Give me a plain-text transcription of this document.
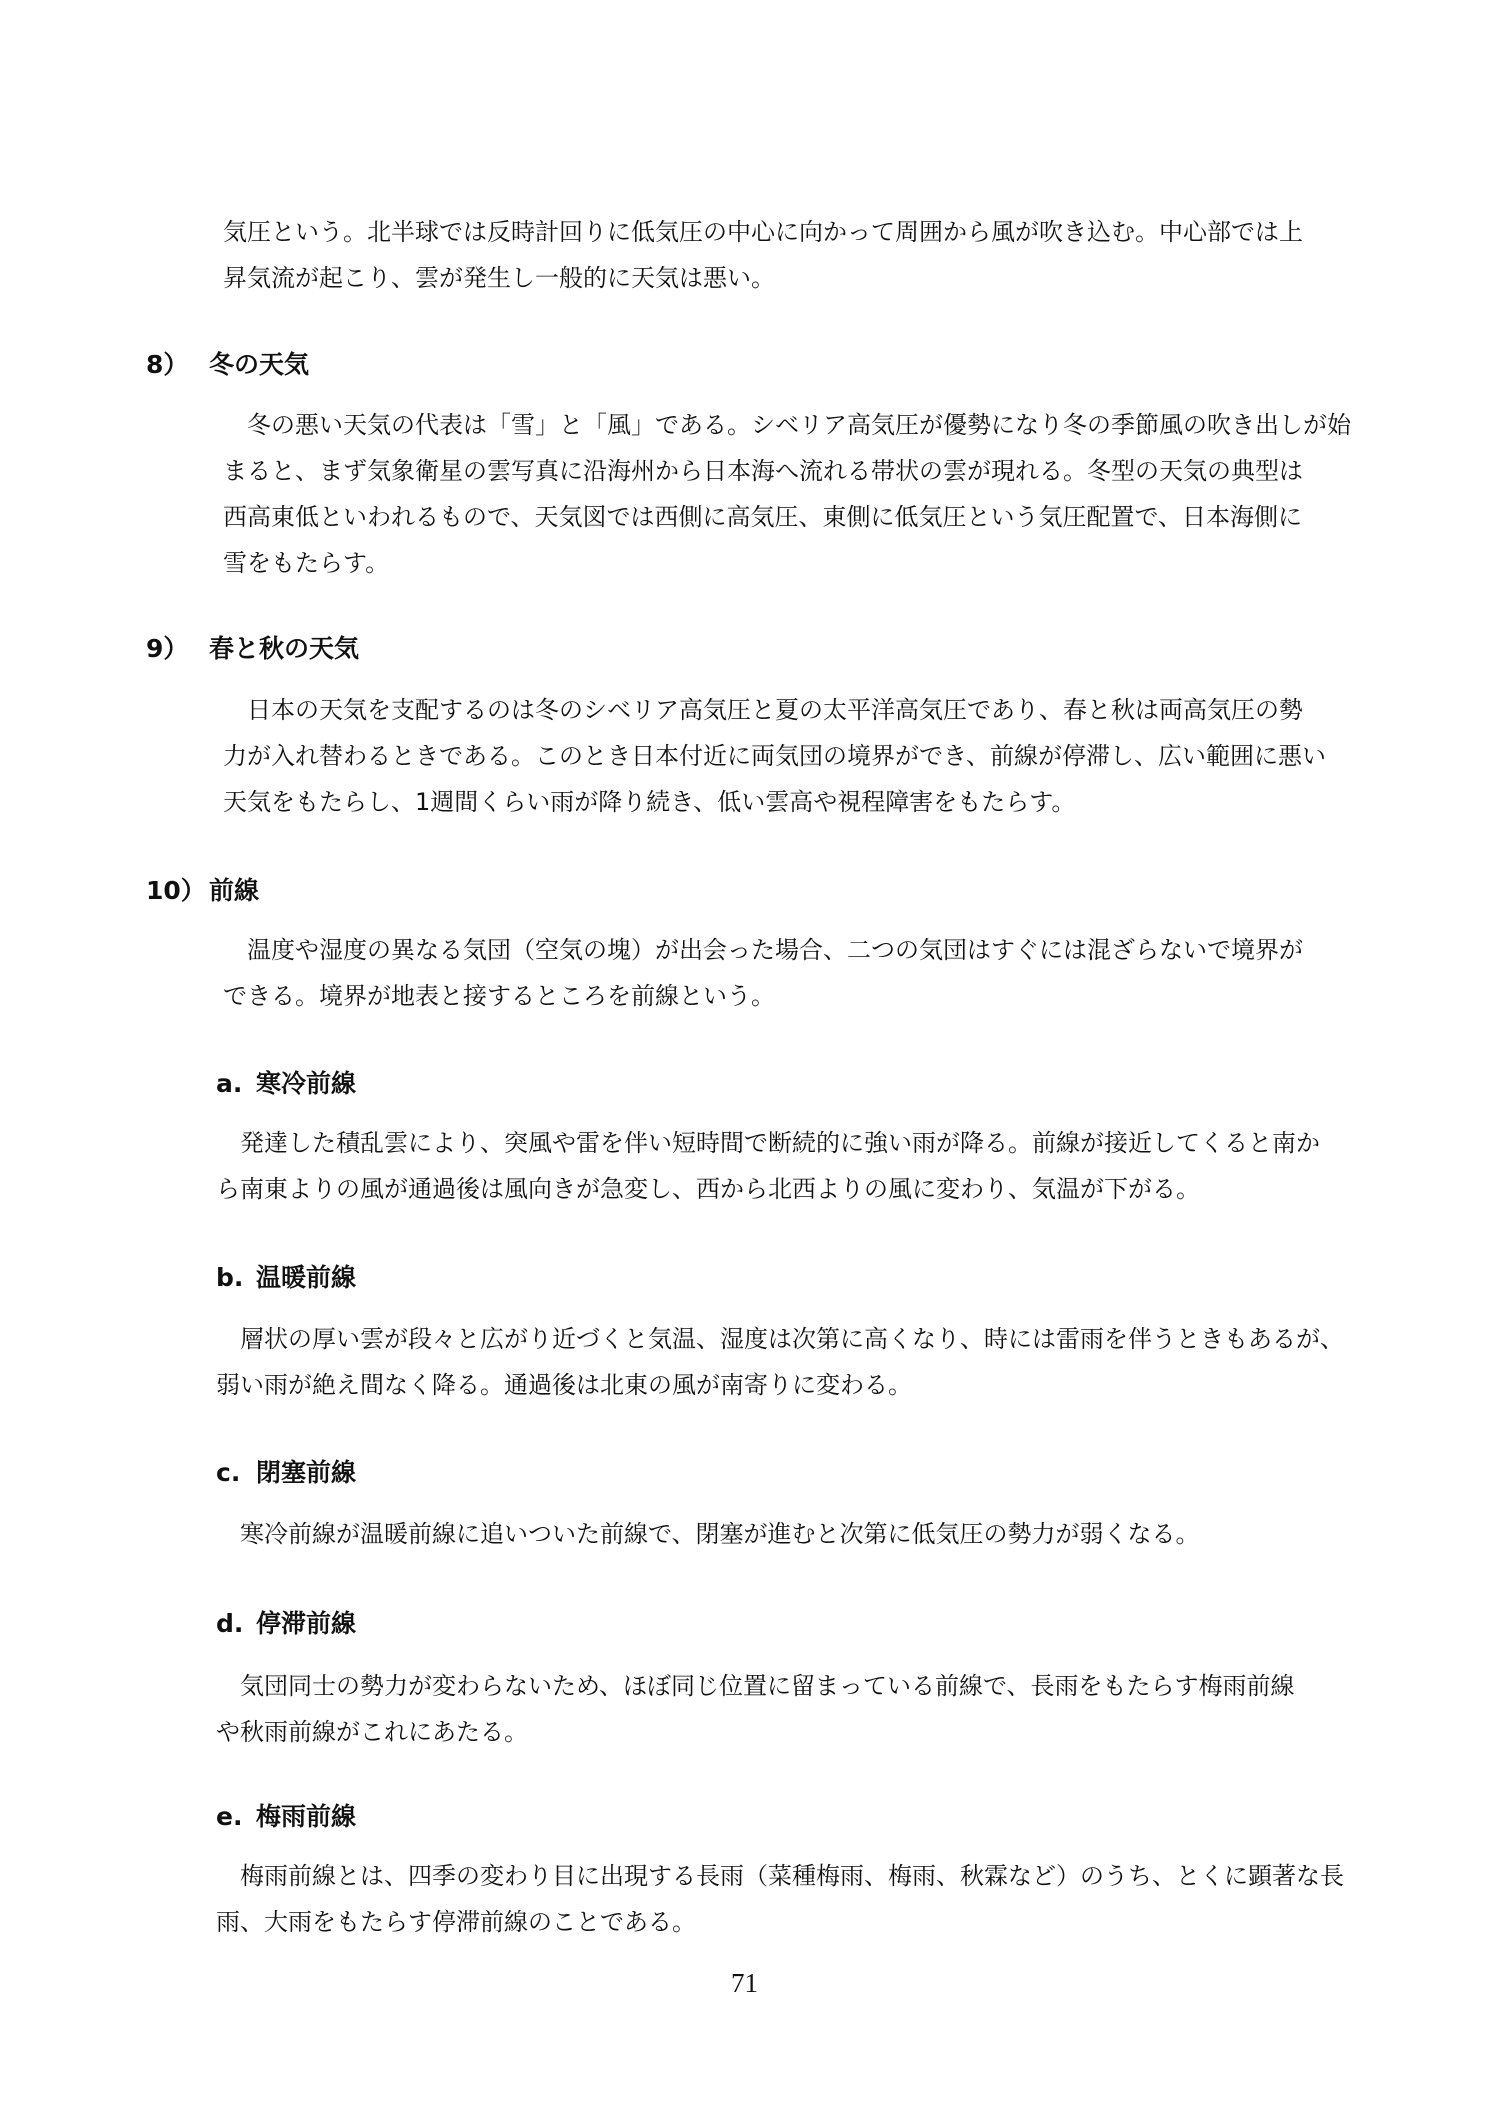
気圧という。北半球では反時計回りに低気圧の中心に向かって周囲から風が吹き込む。中心部では上
昇気流が起こり、雲が発生し一般的に天気は悪い。
8） 冬の天気
冬の悪い天気の代表は「雪」と「風」である。シベリア高気圧が優勢になり冬の季節風の吹き出しが始
まると、まず気象衛星の雲写真に沿海州から日本海へ流れる帯状の雲が現れる。冬型の天気の典型は
西高東低といわれるもので、天気図では西側に高気圧、東側に低気圧という気圧配置で、日本海側に
雪をもたらす。
9） 春と秋の天気
日本の天気を支配するのは冬のシベリア高気圧と夏の太平洋高気圧であり、春と秋は両高気圧の勢
力が入れ替わるときである。このとき日本付近に両気団の境界ができ、前線が停滞し、広い範囲に悪い
天気をもたらし、1週間くらい雨が降り続き、低い雲高や視程障害をもたらす。
10） 前線
温度や湿度の異なる気団（空気の塊）が出会った場合、二つの気団はすぐには混ざらないで境界が
できる。境界が地表と接するところを前線という。
a. 寒冷前線
発達した積乱雲により、突風や雷を伴い短時間で断続的に強い雨が降る。前線が接近してくると南か
ら南東よりの風が通過後は風向きが急変し、西から北西よりの風に変わり、気温が下がる。
b. 温暖前線
層状の厚い雲が段々と広がり近づくと気温、湿度は次第に高くなり、時には雷雨を伴うときもあるが、
弱い雨が絶え間なく降る。通過後は北東の風が南寄りに変わる。
c. 閉塞前線
寒冷前線が温暖前線に追いついた前線で、閉塞が進むと次第に低気圧の勢力が弱くなる。
d. 停滞前線
気団同士の勢力が変わらないため、ほぼ同じ位置に留まっている前線で、長雨をもたらす梅雨前線
や秋雨前線がこれにあたる。
e. 梅雨前線
梅雨前線とは、四季の変わり目に出現する長雨（菜種梅雨、梅雨、秋霖など）のうち、とくに顕著な長
雨、大雨をもたらす停滞前線のことである。
71
